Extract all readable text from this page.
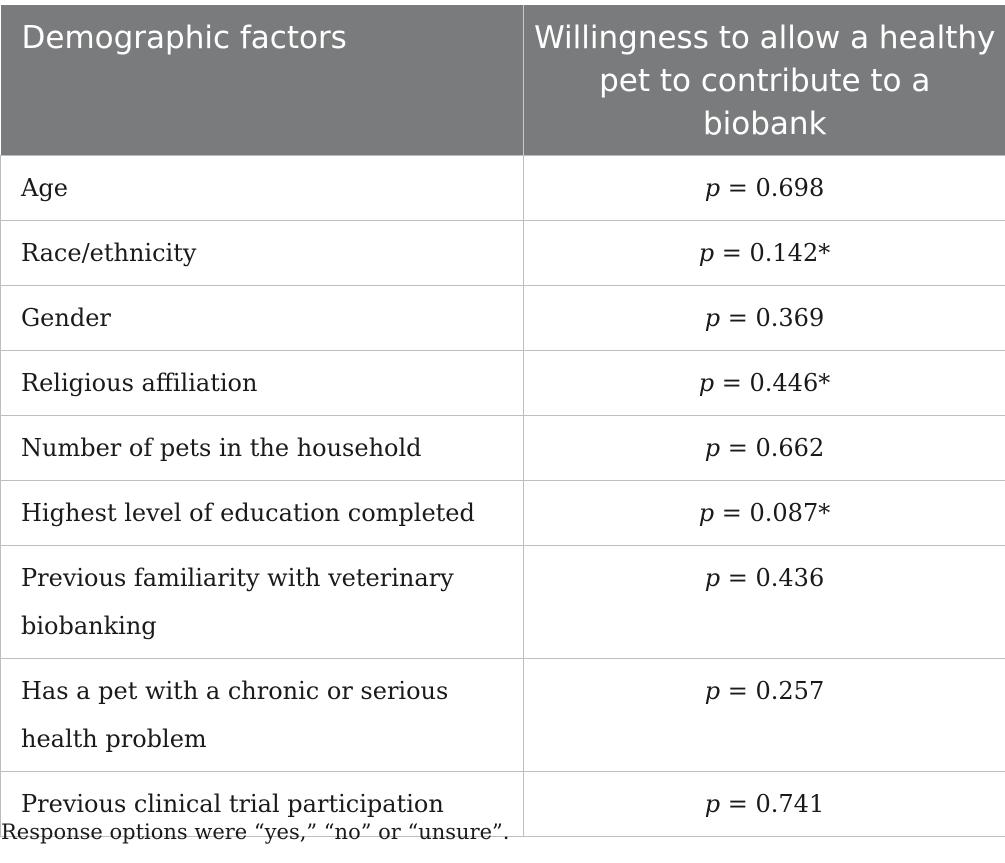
Demographic factors	Willingness to allow a healthy pet to contribute to a biobank
Age	p = 0.698
Race/ethnicity	p = 0.142*
Gender	p = 0.369
Religious affiliation	p = 0.446*
Number of pets in the household	p = 0.662
Highest level of education completed	p = 0.087*
Previous familiarity with veterinary biobanking	p = 0.436
Has a pet with a chronic or serious health problem	p = 0.257
Previous clinical trial participation	p = 0.741
Response options were “yes,” “no” or “unsure”.
